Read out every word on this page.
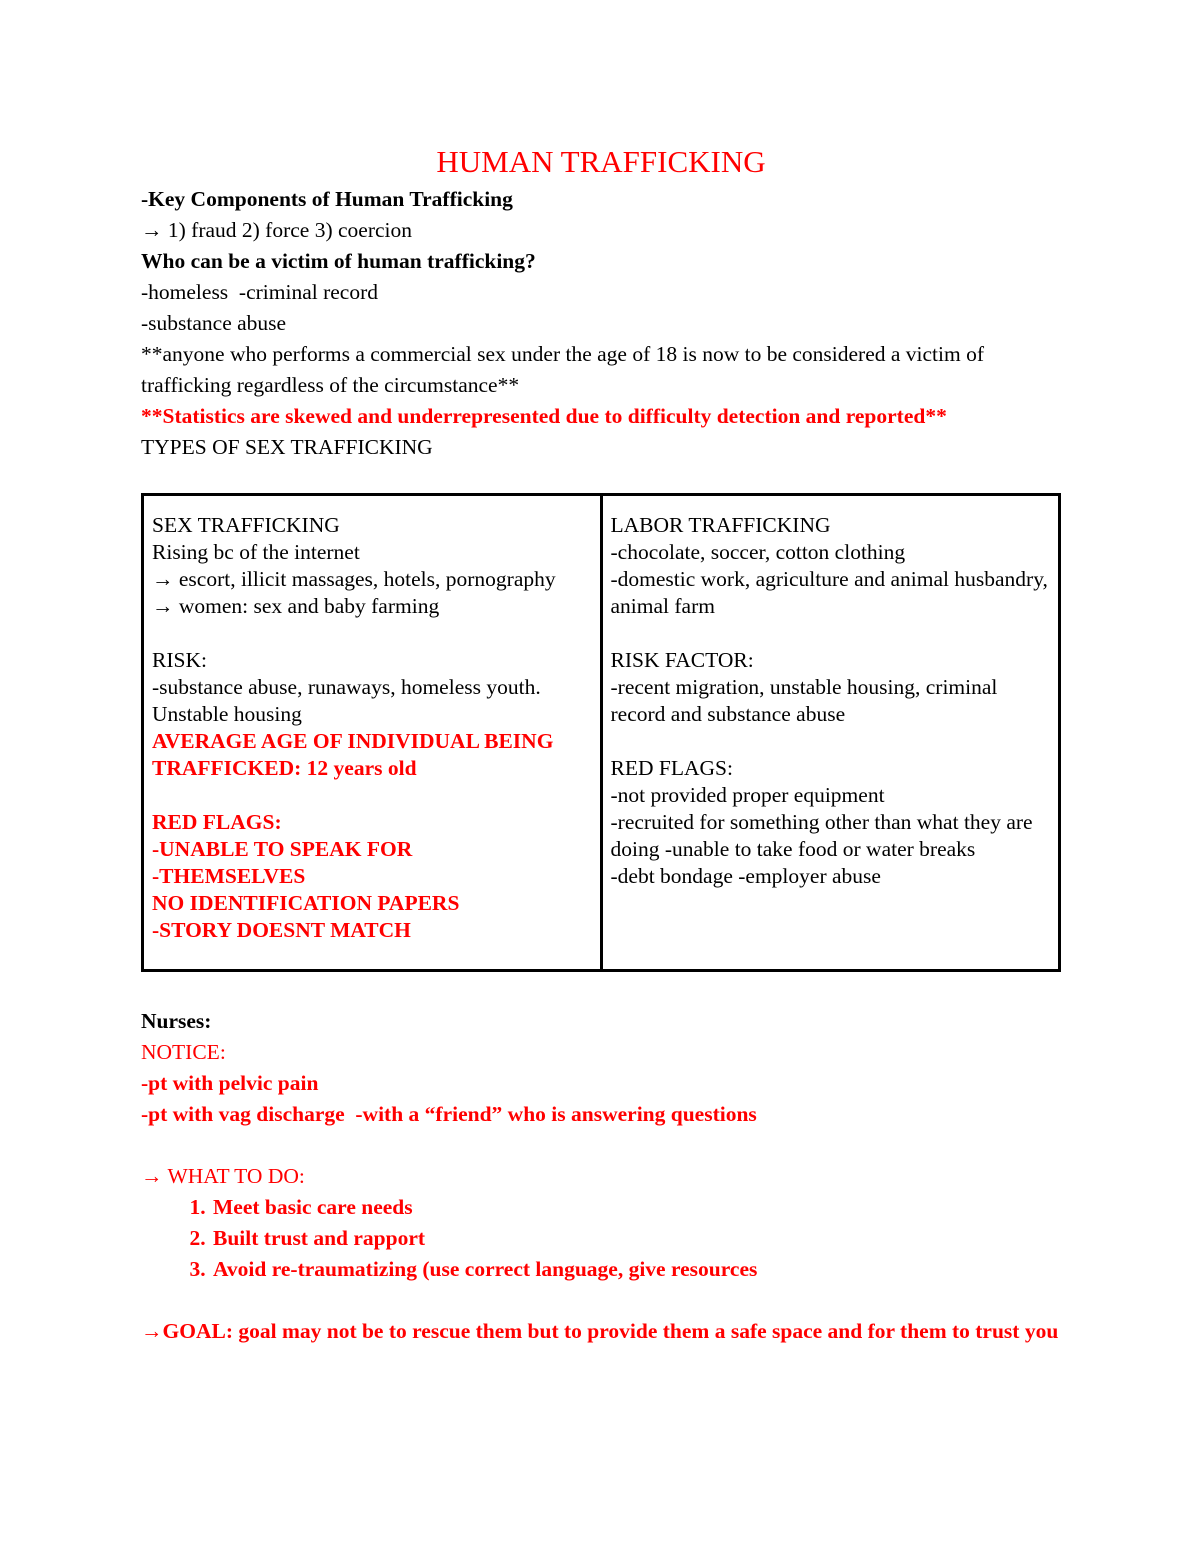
HUMAN TRAFFICKING

-Key Components of Human Trafficking

→ 1) fraud 2) force 3) coercion

Who can be a victim of human trafficking?

-homeless  -criminal record

-substance abuse

**anyone who performs a commercial sex under the age of 18 is now to be considered a victim of trafficking regardless of the circumstance**

**Statistics are skewed and underrepresented due to difficulty detection and reported**

TYPES OF SEX TRAFFICKING

SEX TRAFFICKING

Rising bc of the internet

→ escort, illicit massages, hotels, pornography

→ women: sex and baby farming

RISK:

-substance abuse, runaways, homeless youth. Unstable housing

AVERAGE AGE OF INDIVIDUAL BEING TRAFFICKED: 12 years old

RED FLAGS:

-UNABLE TO SPEAK FOR

-THEMSELVES

NO IDENTIFICATION PAPERS

-STORY DOESNT MATCH

LABOR TRAFFICKING

-chocolate, soccer, cotton clothing

-domestic work, agriculture and animal husbandry, animal farm

RISK FACTOR:

-recent migration, unstable housing, criminal record and substance abuse

RED FLAGS:

-not provided proper equipment

-recruited for something other than what they are doing -unable to take food or water breaks

-debt bondage -employer abuse

Nurses:

NOTICE:

-pt with pelvic pain

-pt with vag discharge  -with a “friend” who is answering questions

→ WHAT TO DO:

1. Meet basic care needs
2. Built trust and rapport
3. Avoid re-traumatizing (use correct language, give resources

→GOAL: goal may not be to rescue them but to provide them a safe space and for them to trust you
